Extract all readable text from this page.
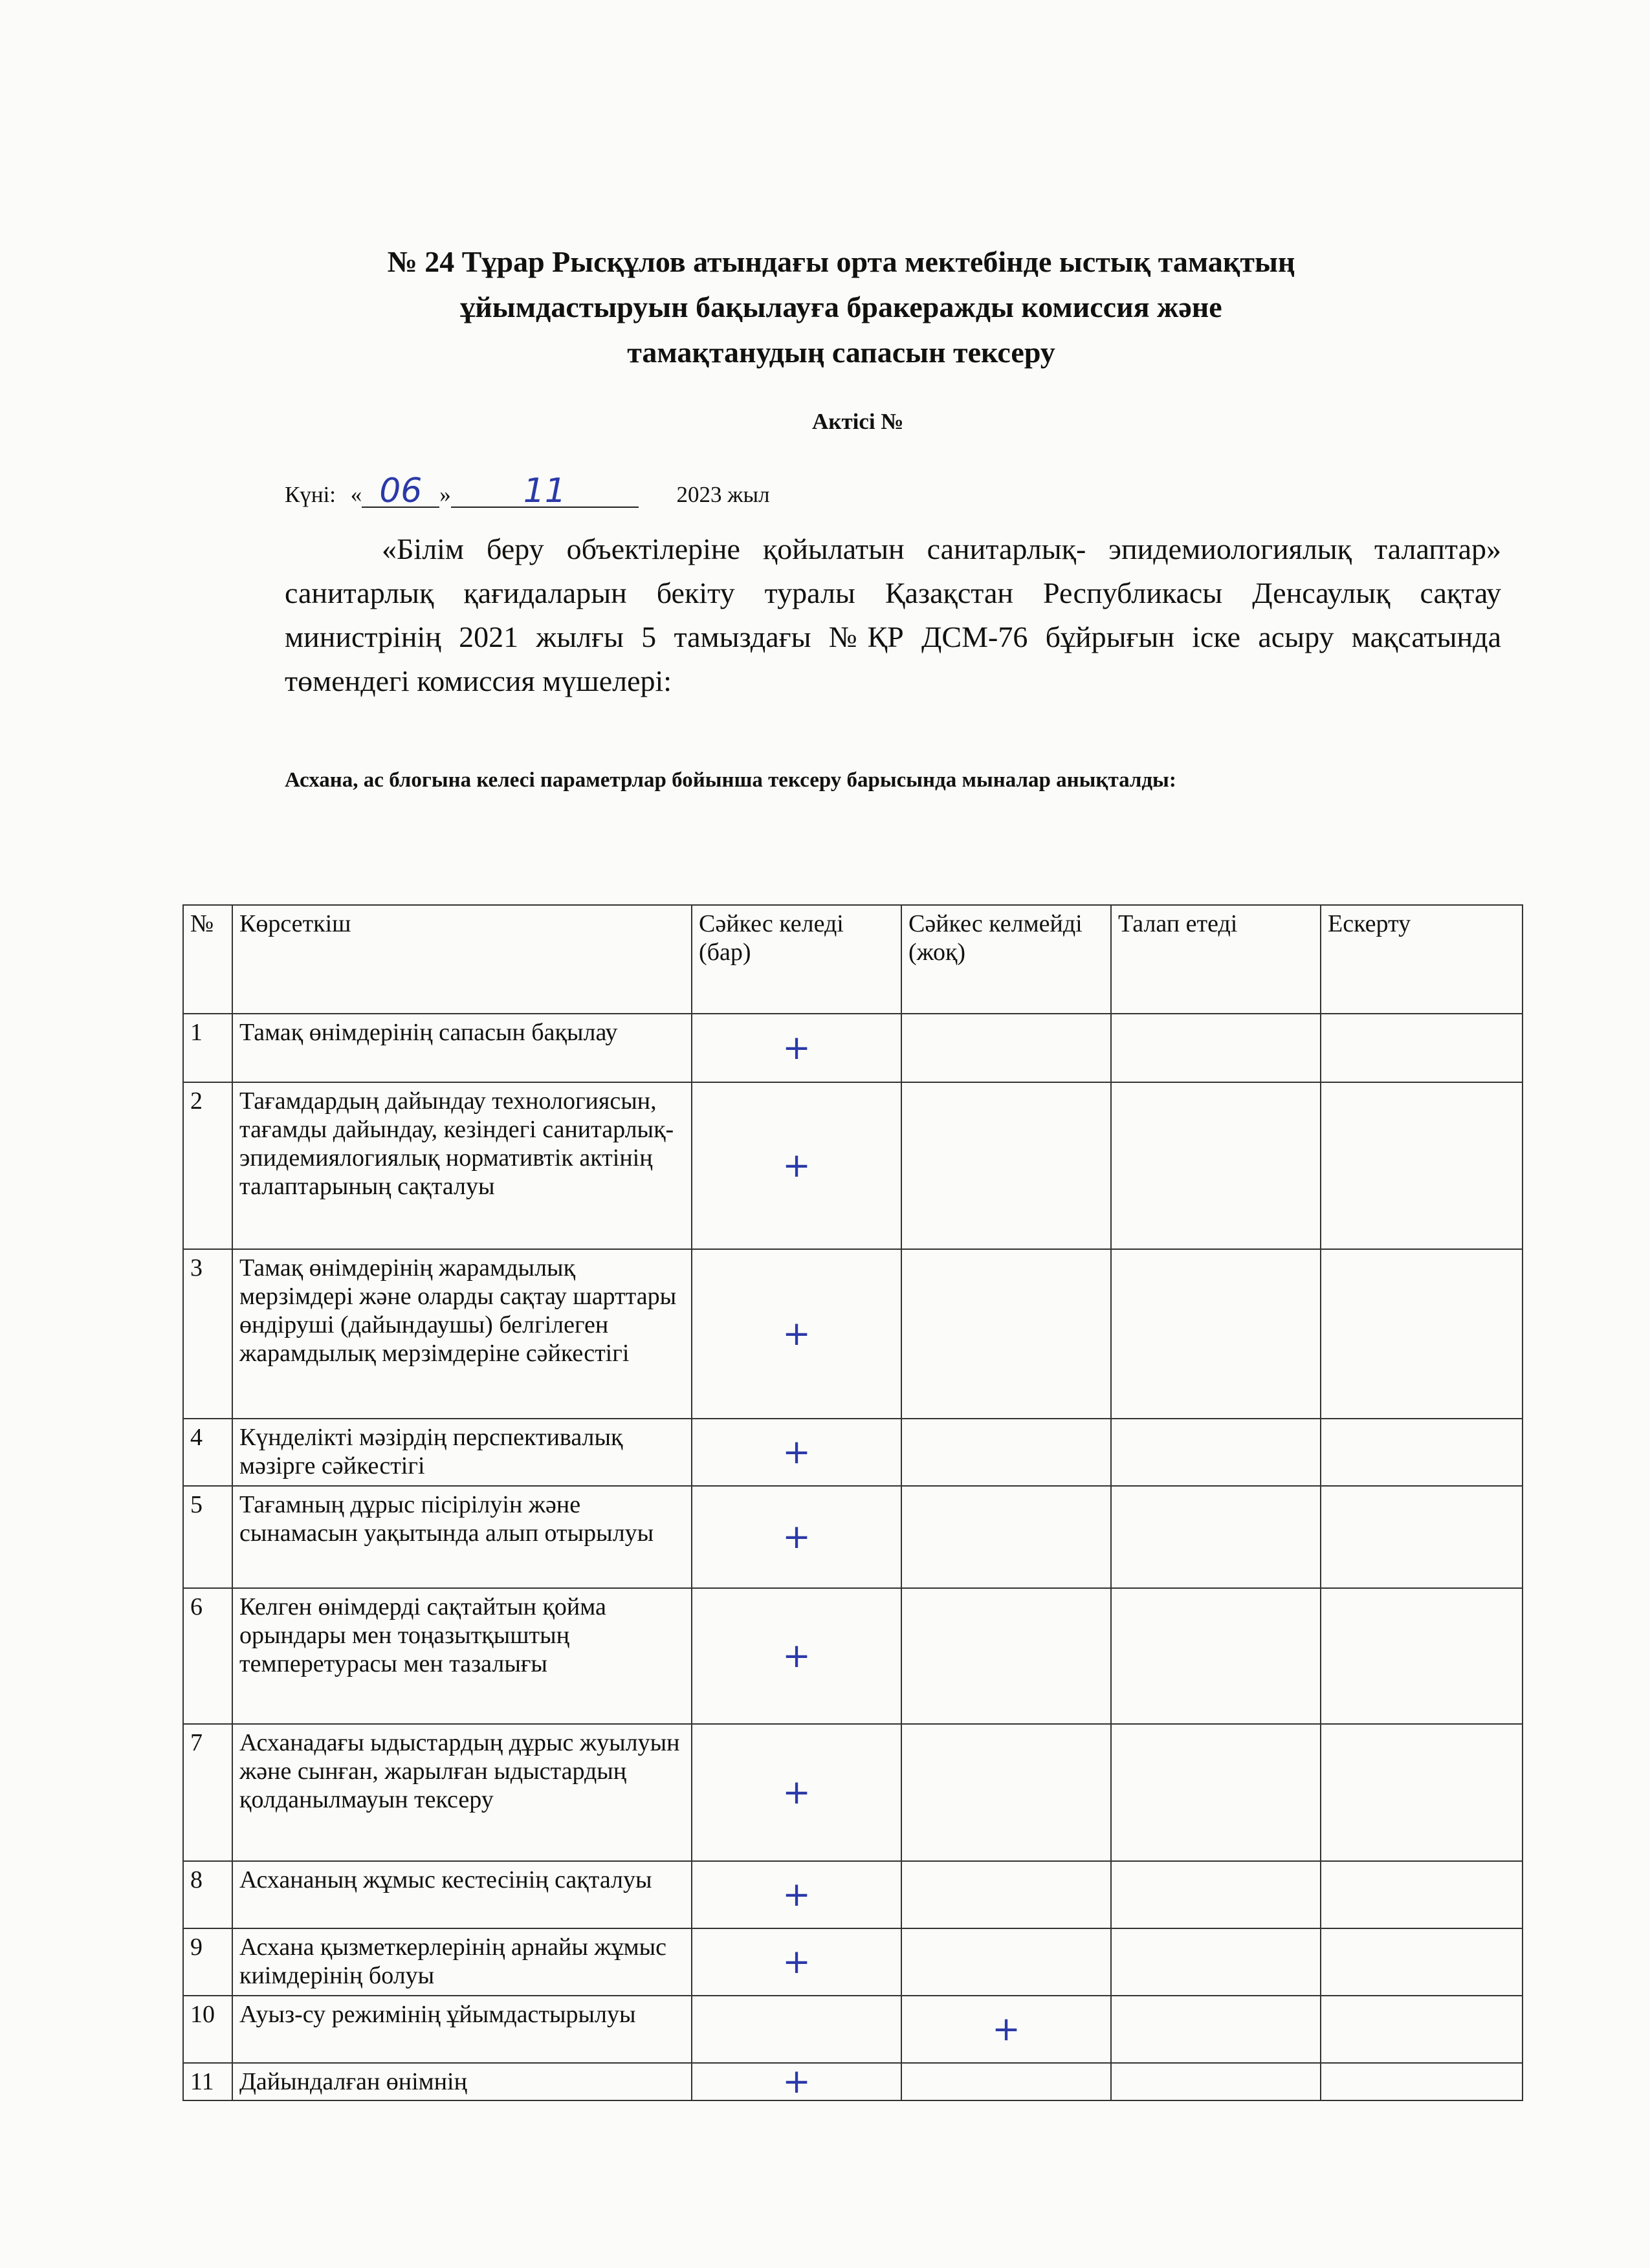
№ 24 Тұрар Рысқұлов атындағы орта мектебінде ыстық тамақтың
ұйымдастыруын бақылауға бракеражды комиссия және
тамақтанудың сапасын тексеру
Актісі №
Күні: « 06 » 11	2023 жыл

«Білім беру объектілеріне қойылатын санитарлық- эпидемиологиялық талаптар» санитарлық қағидаларын бекіту туралы Қазақстан Республикасы Денсаулық сақтау министрінің 2021 жылғы 5 тамыздағы №ҚР ДСМ-76 бұйрығын іске асыру мақсатында төмендегі комиссия мүшелері:

Асхана, ас блогына келесі параметрлар бойынша тексеру барысында мыналар анықталды:
№	Көрсеткіш	Сәйкес келеді (бар)	Сәйкес келмейді (жоқ)	Талап етеді	Ескерту
1	Тамақ өнімдерінің сапасын бақылау	+			
2	Тағамдардың дайындау технологиясын, тағамды дайындау, кезіндегі санитарлық-эпидемиялогиялық нормативтік актінің талаптарының сақталуы	+			
3	Тамақ өнімдерінің жарамдылық мерзімдері және оларды сақтау шарттары өндіруші (дайындаушы) белгілеген жарамдылық мерзімдеріне сәйкестігі	+			
4	Күнделікті мәзірдің перспективалық мәзірге сәйкестігі	+			
5	Тағамның дұрыс пісірілуін және сынамасын уақытында алып отырылуы	+			
6	Келген өнімдерді сақтайтын қойма орындары мен тоңазытқыштың темперетурасы мен тазалығы	+			
7	Асханадағы ыдыстардың дұрыс жуылуын және сынған, жарылған ыдыстардың қолданылмауын тексеру	+			
8	Асхананың жұмыс кестесінің сақталуы	+			
9	Асхана қызметкерлерінің арнайы жұмыс киімдерінің болуы	+			
10	Ауыз-су режимінің ұйымдастырылуы		+		
11	Дайындалған өнімнің	+			
